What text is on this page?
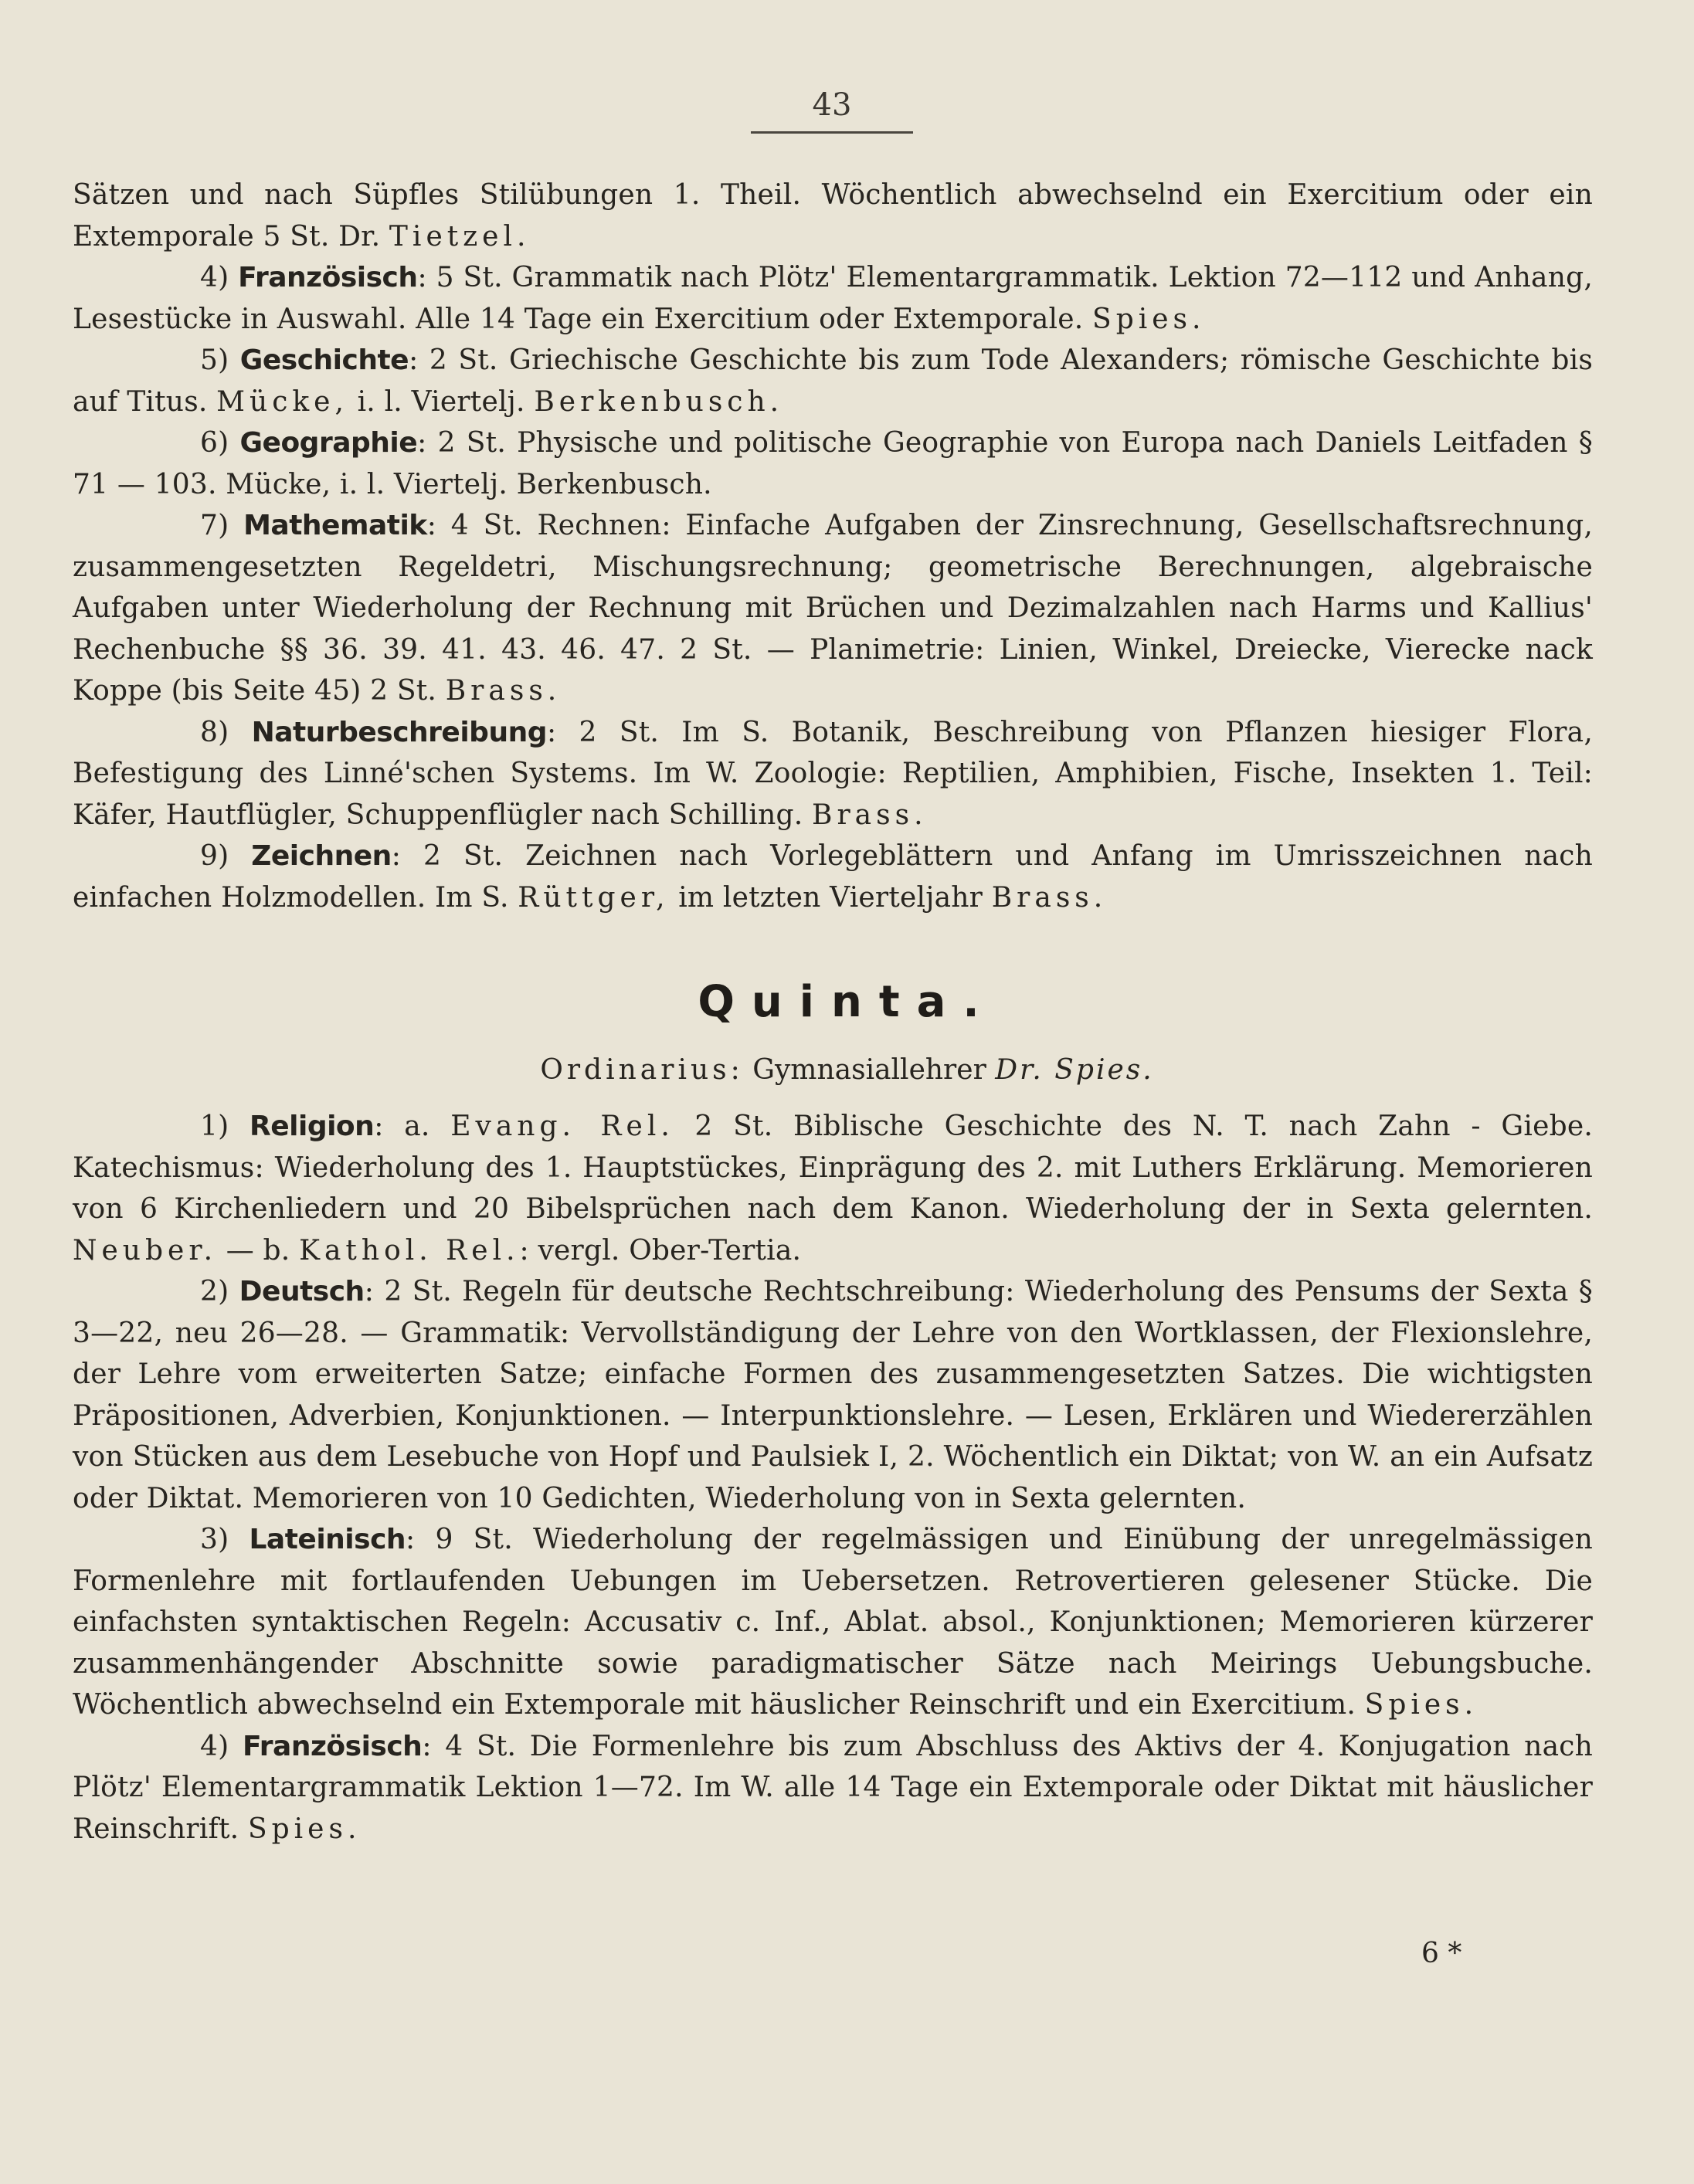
43

Sätzen und nach Süpfles Stilübungen 1. Theil. Wöchentlich abwechselnd ein Exercitium oder ein Extemporale 5 St. Dr. Tietzel.

4) Französisch: 5 St. Grammatik nach Plötz' Elementargrammatik. Lektion 72—112 und Anhang, Lesestücke in Auswahl. Alle 14 Tage ein Exercitium oder Extemporale. Spies.

5) Geschichte: 2 St. Griechische Geschichte bis zum Tode Alexanders; römische Geschichte bis auf Titus. Mücke, i. l. Viertelj. Berkenbusch.

6) Geographie: 2 St. Physische und politische Geographie von Europa nach Daniels Leitfaden § 71 — 103. Mücke, i. l. Viertelj. Berkenbusch.

7) Mathematik: 4 St. Rechnen: Einfache Aufgaben der Zinsrechnung, Gesellschaftsrechnung, zusammengesetzten Regeldetri, Mischungsrechnung; geometrische Berechnungen, algebraische Aufgaben unter Wiederholung der Rechnung mit Brüchen und Dezimalzahlen nach Harms und Kallius' Rechenbuche §§ 36. 39. 41. 43. 46. 47. 2 St. — Planimetrie: Linien, Winkel, Dreiecke, Vierecke nack Koppe (bis Seite 45) 2 St. Brass.

8) Naturbeschreibung: 2 St. Im S. Botanik, Beschreibung von Pflanzen hiesiger Flora, Befestigung des Linné'schen Systems. Im W. Zoologie: Reptilien, Amphibien, Fische, Insekten 1. Teil: Käfer, Hautflügler, Schuppenflügler nach Schilling. Brass.

9) Zeichnen: 2 St. Zeichnen nach Vorlegeblättern und Anfang im Umrisszeichnen nach einfachen Holzmodellen. Im S. Rüttger, im letzten Vierteljahr Brass.

Quinta.
Ordinarius: Gymnasiallehrer Dr. Spies.

1) Religion: a. Evang. Rel. 2 St. Biblische Geschichte des N. T. nach Zahn - Giebe. Katechismus: Wiederholung des 1. Hauptstückes, Einprägung des 2. mit Luthers Erklärung. Memorieren von 6 Kirchenliedern und 20 Bibelsprüchen nach dem Kanon. Wiederholung der in Sexta gelernten. Neuber. — b. Kathol. Rel.: vergl. Ober-Tertia.

2) Deutsch: 2 St. Regeln für deutsche Rechtschreibung: Wiederholung des Pensums der Sexta § 3—22, neu 26—28. — Grammatik: Vervollständigung der Lehre von den Wortklassen, der Flexionslehre, der Lehre vom erweiterten Satze; einfache Formen des zusammengesetzten Satzes. Die wichtigsten Präpositionen, Adverbien, Konjunktionen. — Interpunktionslehre. — Lesen, Erklären und Wiedererzählen von Stücken aus dem Lesebuche von Hopf und Paulsiek I, 2. Wöchentlich ein Diktat; von W. an ein Aufsatz oder Diktat. Memorieren von 10 Gedichten, Wiederholung von in Sexta gelernten.

3) Lateinisch: 9 St. Wiederholung der regelmässigen und Einübung der unregelmässigen Formenlehre mit fortlaufenden Uebungen im Uebersetzen. Retrovertieren gelesener Stücke. Die einfachsten syntaktischen Regeln: Accusativ c. Inf., Ablat. absol., Konjunktionen; Memorieren kürzerer zusammenhängender Abschnitte sowie paradigmatischer Sätze nach Meirings Uebungsbuche. Wöchentlich abwechselnd ein Extemporale mit häuslicher Reinschrift und ein Exercitium. Spies.

4) Französisch: 4 St. Die Formenlehre bis zum Abschluss des Aktivs der 4. Konjugation nach Plötz' Elementargrammatik Lektion 1—72. Im W. alle 14 Tage ein Extemporale oder Diktat mit häuslicher Reinschrift. Spies.

6 *
